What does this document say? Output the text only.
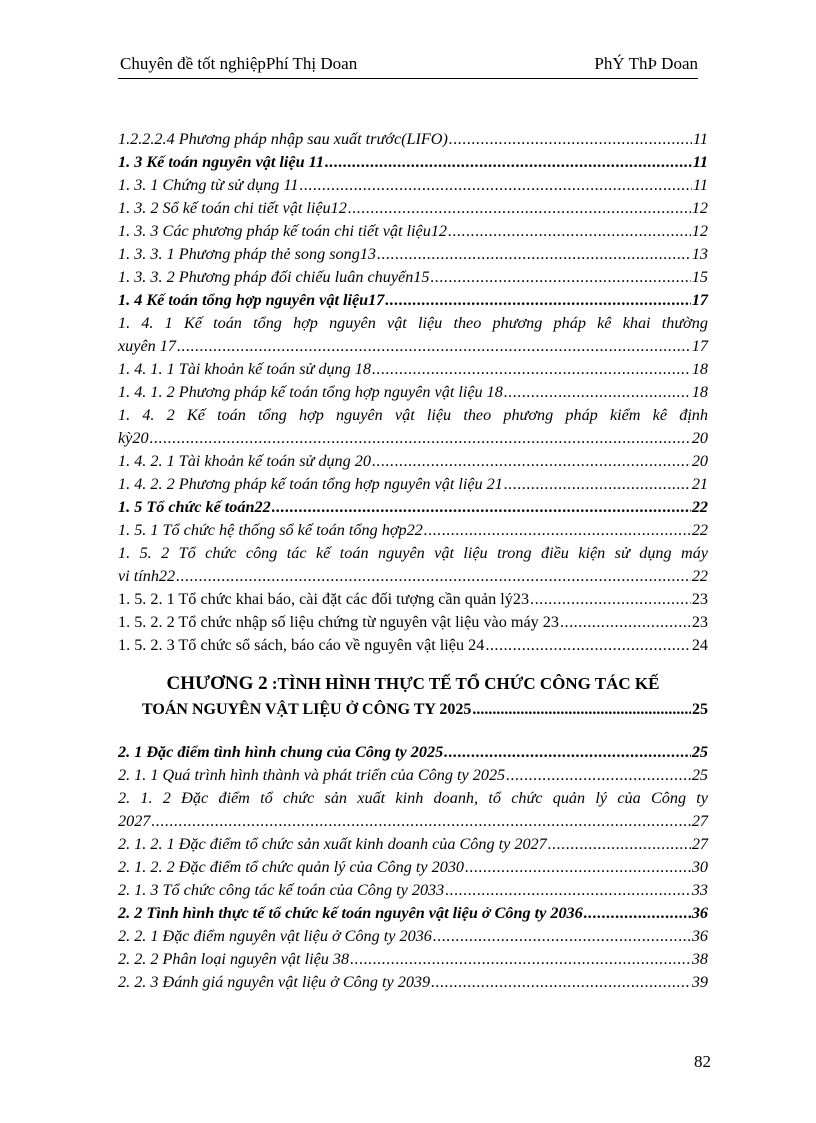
Chuyên đề tốt nghiệpPhí Thị Doan	PhÝ ThÞ Doan
1.2.2.2.4 Phương pháp nhập sau xuất trước(LIFO) .....	11
1. 3 Kế toán nguyên vật liệu 11 .....	11
1. 3. 1 Chứng từ sử dụng 11 .....	11
1. 3. 2 Sổ kế toán chi tiết vật liệu12 .....	12
1. 3. 3 Các phương pháp kế toán chi tiết vật liệu12 .....	12
1. 3. 3. 1 Phương pháp thẻ song song13 .....	13
1. 3. 3. 2 Phương pháp đối chiếu luân chuyển15 .....	15
1. 4 Kế toán tổng hợp nguyên vật liệu17 .....	17
1. 4. 1 Kế toán tổng hợp nguyên vật liệu theo phương pháp kê khai thường
xuyên 17 .....	17
1. 4. 1. 1 Tài khoản kế toán sử dụng 18 .....	18
1. 4. 1. 2 Phương pháp kế toán tổng hợp nguyên vật liệu 18 .....	18
1. 4. 2 Kế toán tổng hợp nguyên vật liệu theo phương pháp kiểm kê định
kỳ20 .....	20
1. 4. 2. 1 Tài khoản kế toán sử dụng 20 .....	20
1. 4. 2. 2 Phương pháp kế toán tổng hợp nguyên vật liệu 21 .....	21
1. 5 Tổ chức kế toán22 .....	22
1. 5. 1 Tổ chức hệ thống sổ kế toán tổng hợp22 .....	22
1. 5. 2 Tổ chức công tác kế toán nguyên vật liệu trong điều kiện sử dụng máy
vi tính22 .....	22
1. 5. 2. 1 Tổ chức khai báo, cài đặt các đối tượng cần quản lý23 .....	23
1. 5. 2. 2 Tổ chức nhập số liệu chứng từ nguyên vật liệu vào máy 23 .....	23
1. 5. 2. 3 Tổ chức sổ sách, báo cáo về nguyên vật liệu 24 .....	24
CHƯƠNG 2 :TÌNH HÌNH THỰC TẾ TỔ CHỨC CÔNG TÁC KẾ
TOÁN NGUYÊN VẬT LIỆU Ở CÔNG TY 2025 .....	25
2. 1 Đặc điểm tình hình chung của Công ty 2025 .....	25
2. 1. 1 Quá trình hình thành và phát triển của Công ty 2025 .....	25
2. 1. 2 Đặc điểm tổ chức sản xuất kinh doanh, tổ chức quản lý của Công ty
2027 .....	27
2. 1. 2. 1 Đặc điểm tổ chức sản xuất kinh doanh của Công ty 2027 .....	27
2. 1. 2. 2 Đặc điểm tổ chức quản lý của Công ty 2030 .....	30
2. 1. 3 Tổ chức công tác kế toán của Công ty 2033 .....	33
2. 2 Tình hình thực tế tổ chức kế toán nguyên vật liệu ở Công ty 2036 .....	36
2. 2. 1 Đặc điểm nguyên vật liệu ở Công ty 2036 .....	36
2. 2. 2 Phân loại nguyên vật liệu 38 .....	38
2. 2. 3 Đánh giá nguyên vật liệu ở Công ty 2039 .....	39
82
